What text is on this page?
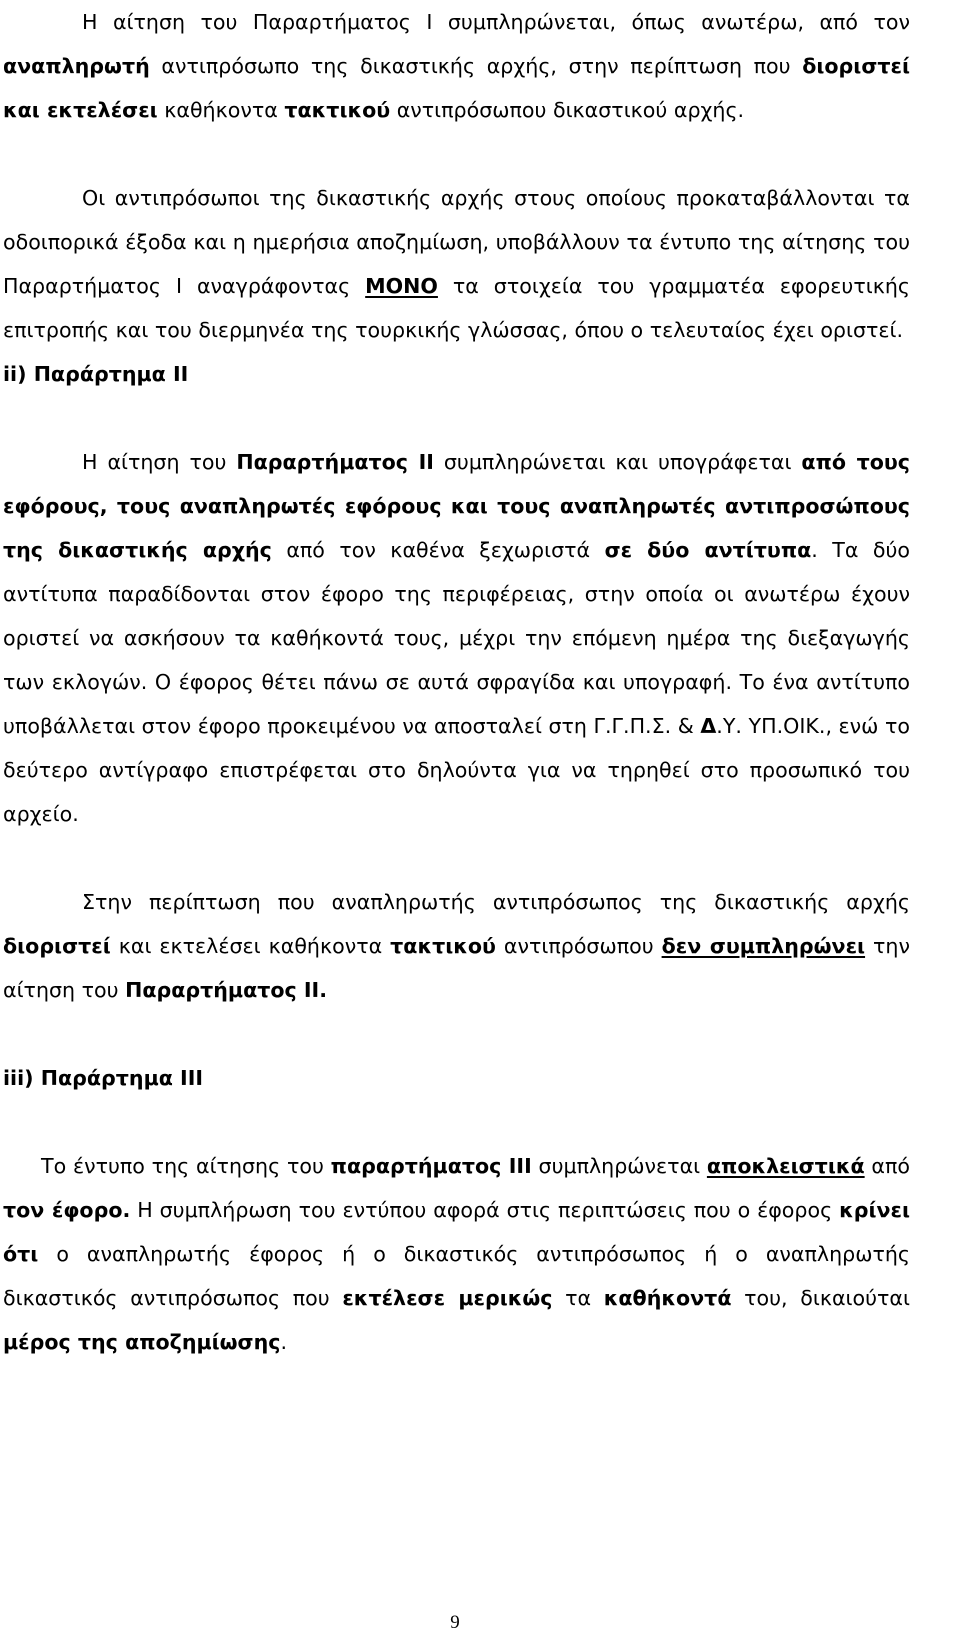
Η αίτηση του Παραρτήματος Ι συμπληρώνεται, όπως ανωτέρω, από τον αναπληρωτή αντιπρόσωπο της δικαστικής αρχής, στην περίπτωση που διοριστεί και εκτελέσει καθήκοντα τακτικού αντιπρόσωπου δικαστικού αρχής.

Οι αντιπρόσωποι της δικαστικής αρχής στους οποίους προκαταβάλλονται τα οδοιπορικά έξοδα και η ημερήσια αποζημίωση, υποβάλλουν τα έντυπο της αίτησης του Παραρτήματος Ι αναγράφοντας ΜΟΝΟ τα στοιχεία του γραμματέα εφορευτικής επιτροπής και του διερμηνέα της τουρκικής γλώσσας, όπου ο τελευταίος έχει οριστεί.

ii) Παράρτημα ΙΙ

Η αίτηση του Παραρτήματος ΙΙ συμπληρώνεται και υπογράφεται από τους εφόρους, τους αναπληρωτές εφόρους και τους αναπληρωτές αντιπροσώπους της δικαστικής αρχής από τον καθένα ξεχωριστά σε δύο αντίτυπα. Τα δύο αντίτυπα παραδίδονται στον έφορο της περιφέρειας, στην οποία οι ανωτέρω έχουν οριστεί να ασκήσουν τα καθήκοντά τους, μέχρι την επόμενη ημέρα της διεξαγωγής των εκλογών. Ο έφορος θέτει πάνω σε αυτά σφραγίδα και υπογραφή. Το ένα αντίτυπο υποβάλλεται στον έφορο προκειμένου να αποσταλεί στη Γ.Γ.Π.Σ. & Δ.Υ. ΥΠ.ΟΙΚ., ενώ το δεύτερο αντίγραφο επιστρέφεται στο δηλούντα για να τηρηθεί στο προσωπικό του αρχείο.

Στην περίπτωση που αναπληρωτής αντιπρόσωπος της δικαστικής αρχής διοριστεί και εκτελέσει καθήκοντα τακτικού αντιπρόσωπου δεν συμπληρώνει την αίτηση του Παραρτήματος ΙΙ.

iii) Παράρτημα ΙΙΙ

Το έντυπο της αίτησης του παραρτήματος ΙΙΙ συμπληρώνεται αποκλειστικά από τον έφορο. Η συμπλήρωση του εντύπου αφορά στις περιπτώσεις που ο έφορος κρίνει ότι ο αναπληρωτής έφορος ή ο δικαστικός αντιπρόσωπος ή ο αναπληρωτής δικαστικός αντιπρόσωπος που εκτέλεσε μερικώς τα καθήκοντά του, δικαιούται μέρος της αποζημίωσης.

9
